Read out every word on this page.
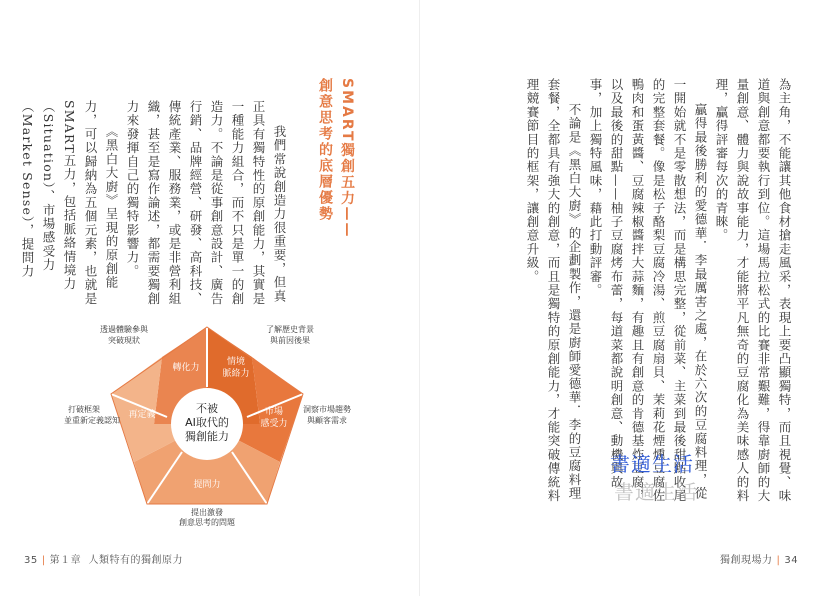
為主角，不能讓其他食材搶走風采，表現上要凸顯獨特，而且視覺、味道與創意都要執行到位。這場馬拉松式的比賽非常艱難，得靠廚師的大量創意、體力與說故事能力，才能將平凡無奇的豆腐化為美味感人的料理，贏得評審每次的青睞。

贏得最後勝利的愛德華．李最厲害之處，在於六次的豆腐料理，從一開始就不是零散想法，而是構思完整，從前菜、主菜到最後甜點收尾的完整套餐。像是松子酪梨豆腐冷湯、煎豆腐扇貝、茉莉花煙燻豆腐佐鴨肉和蛋黃醬、豆腐辣椒醬拌大蒜麵，有趣且有創意的肯德基炸豆腐，以及最後的甜點——柚子豆腐烤布蕾，每道菜都說明創意、動機與故事，加上獨特風味，藉此打動評審。

不論是《黑白大廚》的企劃製作，還是廚師愛德華．李的豆腐料理套餐，全都具有強大的創意，而且是獨特的原創能力，才能突破傳統料理競賽節目的框架，讓創意升級。

SMART獨創五力——
創意思考的底層優勢

我們常說創造力很重要，但真正具有獨特性的原創能力，其實是一種能力組合，而不只是單一的創造力。不論是從事創意設計、廣告行銷、品牌經營、研發、高科技、傳統產業、服務業，或是非營利組織，甚至是寫作論述，都需要獨創力來發揮自己的獨特影響力。

《黑白大廚》呈現的原創能力，可以歸納為五個元素，也就是SMART五力，包括脈絡情境力（Situation）、市場感受力（Market Sense），提問力

不被
AI取代的
獨創能力
轉化力
情境
脈絡力
市場
感受力
提問力
再定義
透過體驗參與
突破現狀
了解歷史背景
與前因後果
洞察市場趨勢
與顧客需求
提出激發
創意思考的問題
打破框架
並重新定義認知
書適生活
書適生活
35 | 第１章 人類特有的獨創原力	獨創現場力 | 34
